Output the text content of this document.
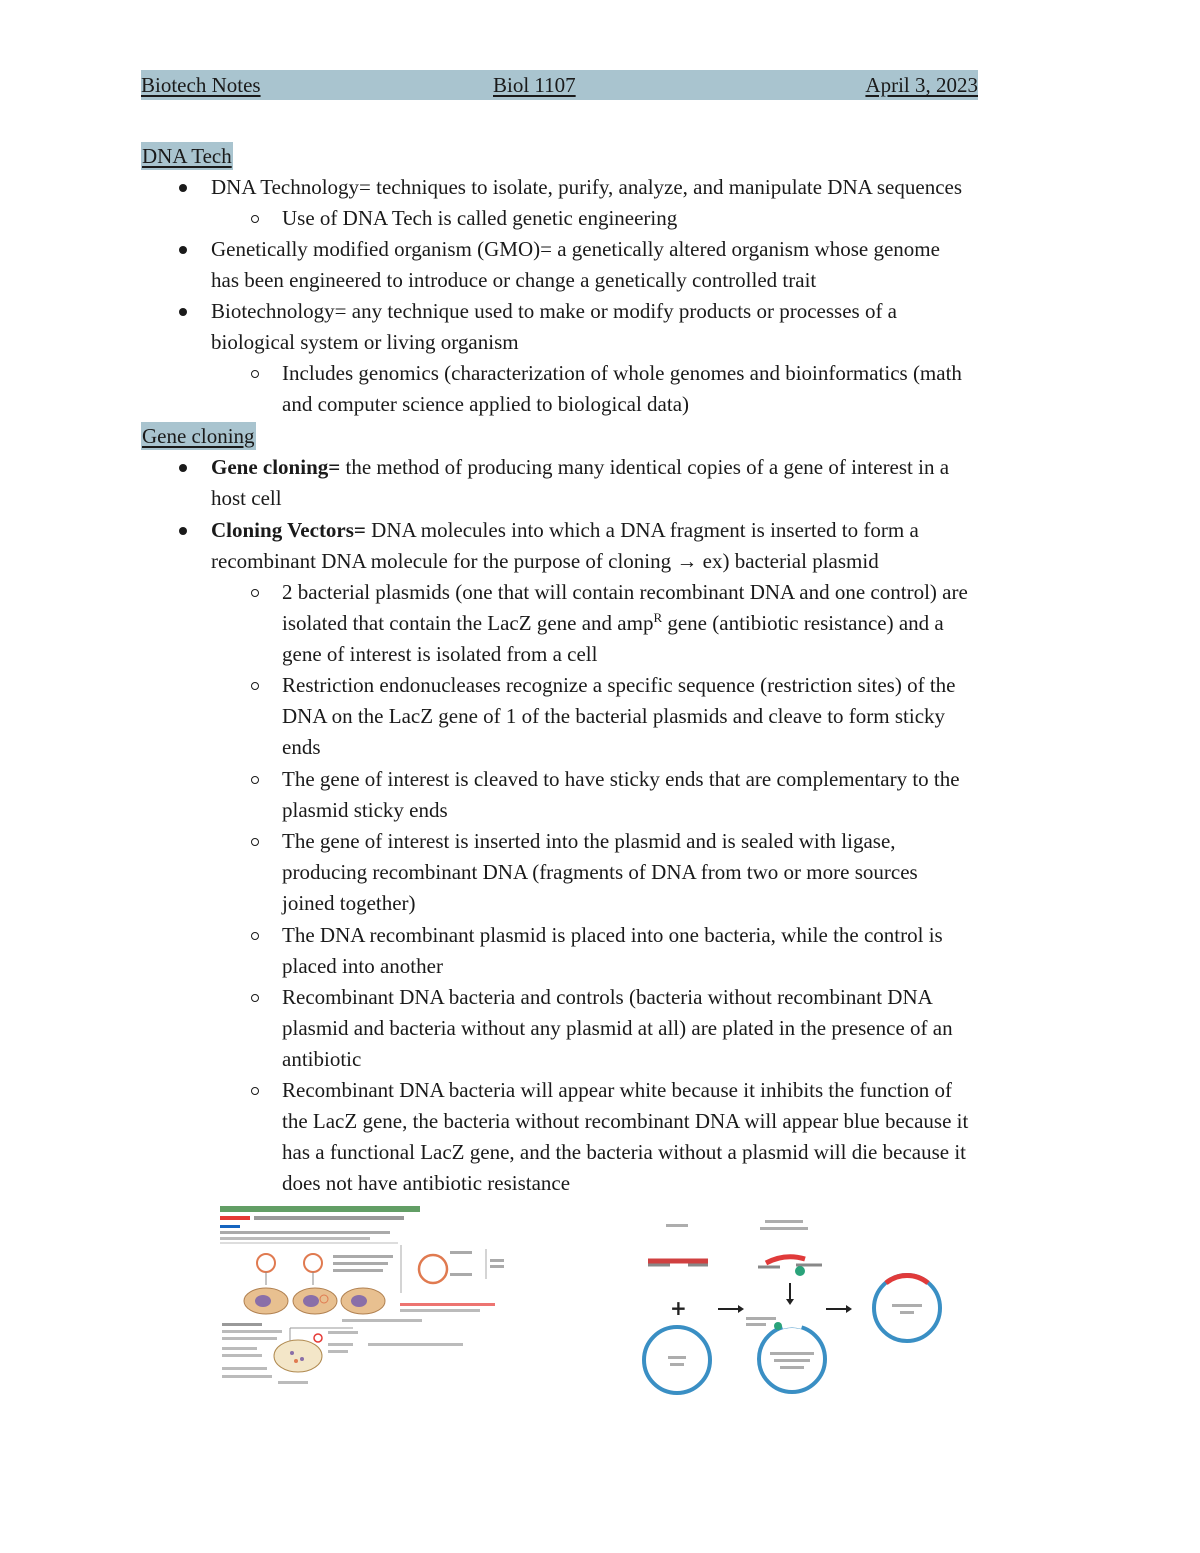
Biotech Notes	Biol 1107	April 3, 2023
DNA Tech

DNA Technology= techniques to isolate, purify, analyze, and manipulate DNA sequences

Use of DNA Tech is called genetic engineering

Genetically modified organism (GMO)= a genetically altered organism whose genome

has been engineered to introduce or change a genetically controlled trait

Biotechnology= any technique used to make or modify products or processes of a

biological system or living organism

Includes genomics (characterization of whole genomes and bioinformatics (math

and computer science applied to biological data)

Gene cloning

Gene cloning= the method of producing many identical copies of a gene of interest in a

host cell

Cloning Vectors= DNA molecules into which a DNA fragment is inserted to form a

recombinant DNA molecule for the purpose of cloning → ex) bacterial plasmid

2 bacterial plasmids (one that will contain recombinant DNA and one control) are

isolated that contain the LacZ gene and amp$^R$ gene (antibiotic resistance) and a

gene of interest is isolated from a cell

Restriction endonucleases recognize a specific sequence (restriction sites) of the

DNA on the LacZ gene of 1 of the bacterial plasmids and cleave to form sticky

ends

The gene of interest is cleaved to have sticky ends that are complementary to the

plasmid sticky ends

The gene of interest is inserted into the plasmid and is sealed with ligase,

producing recombinant DNA (fragments of DNA from two or more sources

joined together)

The DNA recombinant plasmid is placed into one bacteria, while the control is

placed into another

Recombinant DNA bacteria and controls (bacteria without recombinant DNA

plasmid and bacteria without any plasmid at all) are plated in the presence of an

antibiotic

Recombinant DNA bacteria will appear white because it inhibits the function of

the LacZ gene, the bacteria without recombinant DNA will appear blue because it

has a functional LacZ gene, and the bacteria without a plasmid will die because it

does not have antibiotic resistance

+
